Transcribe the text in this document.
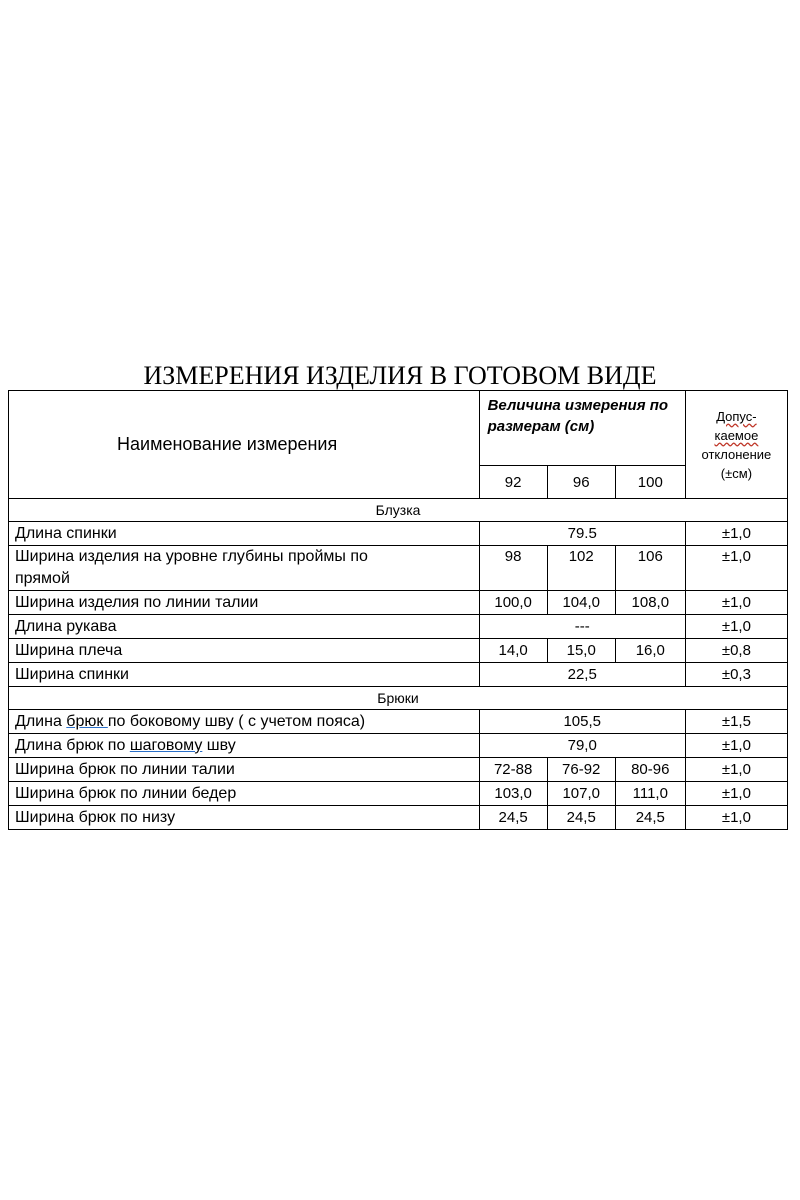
ИЗМЕРЕНИЯ ИЗДЕЛИЯ В ГОТОВОМ ВИДЕ
Наименование измерения	Величина измерения по размерам (см)			Допус-
каемое
отклонение
(±см)
	92	96	100	
Блузка				
Длина спинки	79.5			±1,0
Ширина изделия на уровне глубины проймы по
прямой	98	102	106	±1,0
Ширина изделия по линии талии	100,0	104,0	108,0	±1,0
Длина рукава	---			±1,0
Ширина плеча	14,0	15,0	16,0	±0,8
Ширина спинки	22,5			±0,3
Брюки				
Длина брюк по боковому шву ( с учетом пояса)	105,5			±1,5
Длина брюк по шаговому шву	79,0			±1,0
Ширина брюк по линии талии	72-88	76-92	80-96	±1,0
Ширина брюк по линии бедер	103,0	107,0	111,0	±1,0
Ширина брюк по низу	24,5	24,5	24,5	±1,0
